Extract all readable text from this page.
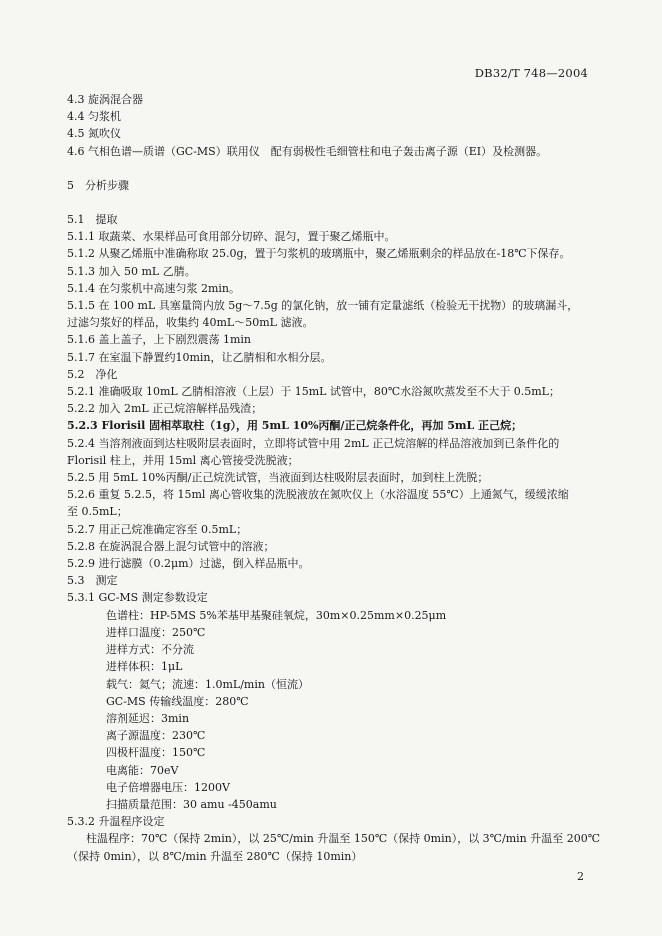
DB32/T 748—2004
4.3 旋涡混合器
4.4 匀浆机
4.5 氮吹仪
4.6 气相色谱—质谱（GC-MS）联用仪　配有弱极性毛细管柱和电子轰击离子源（EI）及检测器。
5　分析步骤
5.1　提取
5.1.1 取蔬菜、水果样品可食用部分切碎、混匀，置于聚乙烯瓶中。
5.1.2 从聚乙烯瓶中准确称取 25.0g，置于匀浆机的玻璃瓶中，聚乙烯瓶剩余的样品放在-18℃下保存。
5.1.3 加入 50 mL 乙腈。
5.1.4 在匀浆机中高速匀浆 2min。
5.1.5 在 100 mL 具塞量筒内放 5g～7.5g 的氯化钠，放一铺有定量滤纸（检验无干扰物）的玻璃漏斗，
过滤匀浆好的样品，收集约 40mL～50mL 滤液。
5.1.6 盖上盖子，上下剧烈震荡 1min
5.1.7 在室温下静置约10min，让乙腈相和水相分层。
5.2　净化
5.2.1 准确吸取 10mL 乙腈相溶液（上层）于 15mL 试管中，80℃水浴氮吹蒸发至不大于 0.5mL；
5.2.2 加入 2mL 正己烷溶解样品残渣；
5.2.3 Florisil 固相萃取柱（1g），用 5mL 10%丙酮/正己烷条件化，再加 5mL 正己烷；
5.2.4 当溶剂液面到达柱吸附层表面时，立即将试管中用 2mL 正己烷溶解的样品溶液加到已条件化的
Florisil 柱上，并用 15ml 离心管接受洗脱液；
5.2.5 用 5mL 10%丙酮/正己烷洗试管，当液面到达柱吸附层表面时，加到柱上洗脱；
5.2.6 重复 5.2.5，将 15ml 离心管收集的洗脱液放在氮吹仪上（水浴温度 55℃）上通氮气，缓缓浓缩
至 0.5mL；
5.2.7 用正己烷准确定容至 0.5mL；
5.2.8 在旋涡混合器上混匀试管中的溶液；
5.2.9 进行滤膜（0.2μm）过滤，倒入样品瓶中。
5.3　测定
5.3.1 GC-MS 测定参数设定
色谱柱：HP-5MS 5%苯基甲基聚硅氧烷，30m×0.25mm×0.25μm
进样口温度：250℃
进样方式：不分流
进样体积：1μL
载气：氦气；流速：1.0mL/min（恒流）
GC-MS 传输线温度：280℃
溶剂延迟：3min
离子源温度：230℃
四极杆温度：150℃
电离能：70eV
电子倍增器电压：1200V
扫描质量范围：30 amu -450amu
5.3.2 升温程序设定
柱温程序：70℃（保持 2min），以 25℃/min 升温至 150℃（保持 0min），以 3℃/min 升温至 200℃
（保持 0min），以 8℃/min 升温至 280℃（保持 10min）
2
